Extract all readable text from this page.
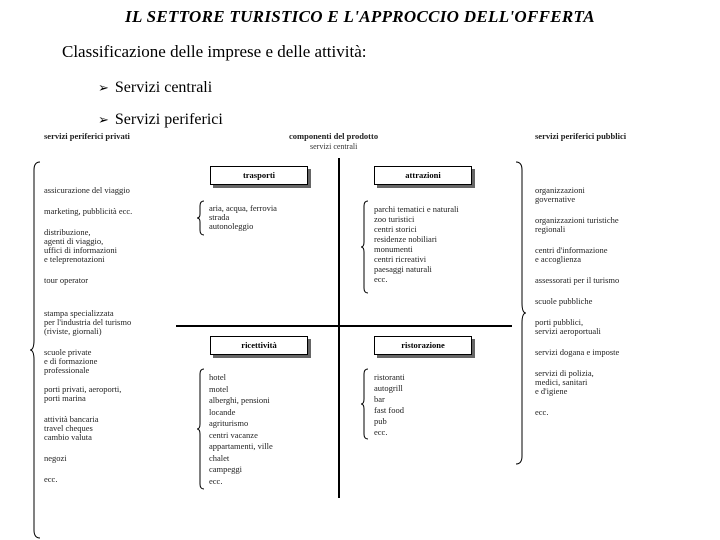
IL SETTORE TURISTICO E L'APPROCCIO DELL'OFFERTA
Classificazione delle imprese e delle attività:
➢ Servizi centrali
➢ Servizi periferici
servizi periferici privati	componenti del prodotto
servizi centrali
servizi periferici pubblici
trasporti	attrazioni
ricettività	ristorazione
aria, acqua, ferrovia
strada
autonoleggio
parchi tematici e naturali
zoo turistici
centri storici
residenze nobiliari
monumenti
centri ricreativi
paesaggi naturali
ecc.
hotel
motel
alberghi, pensioni
locande
agriturismo
centri vacanze
appartamenti, ville
chalet
campeggi
ecc.
ristoranti
autogrill
bar
fast food
pub
ecc.
assicurazione del viaggio
marketing, pubblicità ecc.
distribuzione,
agenti di viaggio,
uffici di informazioni
e teleprenotazioni
tour operator
stampa specializzata
per l'industria del turismo
(riviste, giornali)
scuole private
e di formazione
professionale
porti privati, aeroporti,
porti marina
attività bancaria
travel cheques
cambio valuta
negozi
ecc.
organizzazioni
governative
organizzazioni turistiche
regionali
centri d'informazione
e accoglienza
assessorati per il turismo
scuole pubbliche
porti pubblici,
servizi aeroportuali
servizi dogana e imposte
servizi di polizia,
medici, sanitari
e d'igiene
ecc.
